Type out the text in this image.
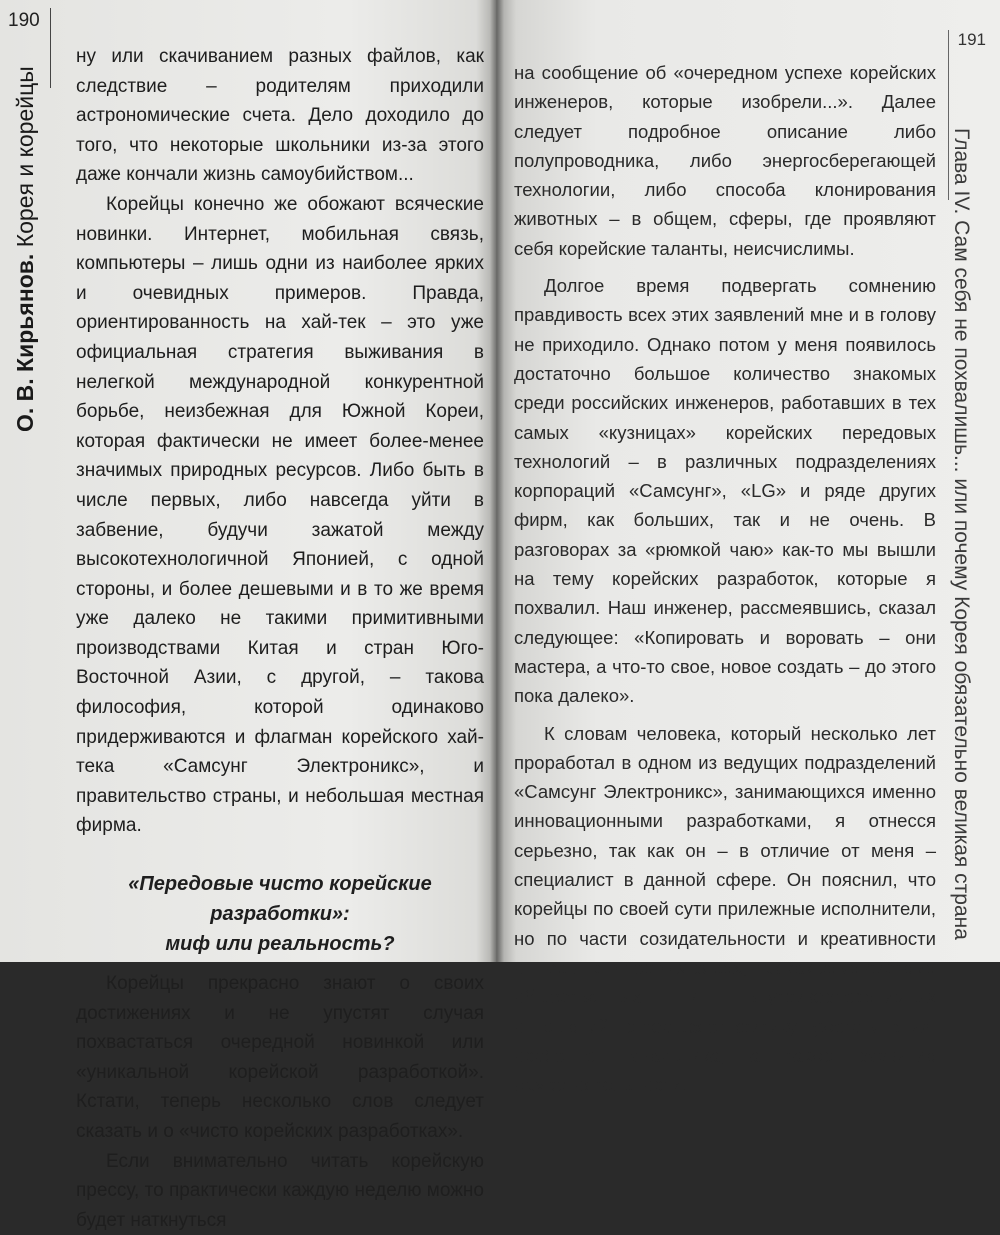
190
О. В. Кирьянов. Корея и корейцы

ну или скачиванием разных файлов, как следствие – родителям приходили астрономические счета. Дело доходило до того, что некоторые школьники из-за этого даже кончали жизнь самоубийством...

Корейцы конечно же обожают всяческие новинки. Интернет, мобильная связь, компьютеры – лишь одни из наиболее ярких и очевидных примеров. Правда, ориентированность на хай-тек – это уже официальная стратегия выживания в нелегкой международной конкурентной борьбе, неизбежная для Южной Кореи, которая фактически не имеет более-менее значимых природных ресурсов. Либо быть в числе первых, либо навсегда уйти в забвение, будучи зажатой между высокотехнологичной Японией, с одной стороны, и более дешевыми и в то же время уже далеко не такими примитивными производствами Китая и стран Юго-Восточной Азии, с другой, – такова философия, которой одинаково придерживаются и флагман корейского хай-тека «Самсунг Электроникс», и правительство страны, и небольшая местная фирма.

«Передовые чисто корейские разработки»:
миф или реальность?

Корейцы прекрасно знают о своих достижениях и не упустят случая похвастаться очередной новинкой или «уникальной корейской разработкой». Кстати, теперь несколько слов следует сказать и о «чисто корейских разработках».

Если внимательно читать корейскую прессу, то практически каждую неделю можно будет наткнуться

191

на сообщение об «очередном успехе корейских инженеров, которые изобрели...». Далее следует подробное описание либо полупроводника, либо энергосберегающей технологии, либо способа клонирования животных – в общем, сферы, где проявляют себя корейские таланты, неисчислимы.

Долгое время подвергать сомнению правдивость всех этих заявлений мне и в голову не приходило. Однако потом у меня появилось достаточно большое количество знакомых среди российских инженеров, работавших в тех самых «кузницах» корейских передовых технологий – в различных подразделениях корпораций «Самсунг», «LG» и ряде других фирм, как больших, так и не очень. В разговорах за «рюмкой чаю» как-то мы вышли на тему корейских разработок, которые я похвалил. Наш инженер, рассмеявшись, сказал следующее: «Копировать и воровать – они мастера, а что-то свое, новое создать – до этого пока далеко».

К словам человека, который несколько лет проработал в одном из ведущих подразделений «Самсунг Электроникс», занимающихся именно инновационными разработками, я отнесся серьезно, так как он – в отличие от меня – специалист в данной сфере. Он пояснил, что корейцы по своей сути прилежные исполнители, но по части созидательности и креативности отнюдь не в первых рядах, так как сама система общественных и внутрикорпоративных отношений не поощряет критику чужого мнения, особенно начальника, а также развитие самостоятельности.

Глава IV. Сам себя не похвалишь... или почему Корея обязательно великая страна
